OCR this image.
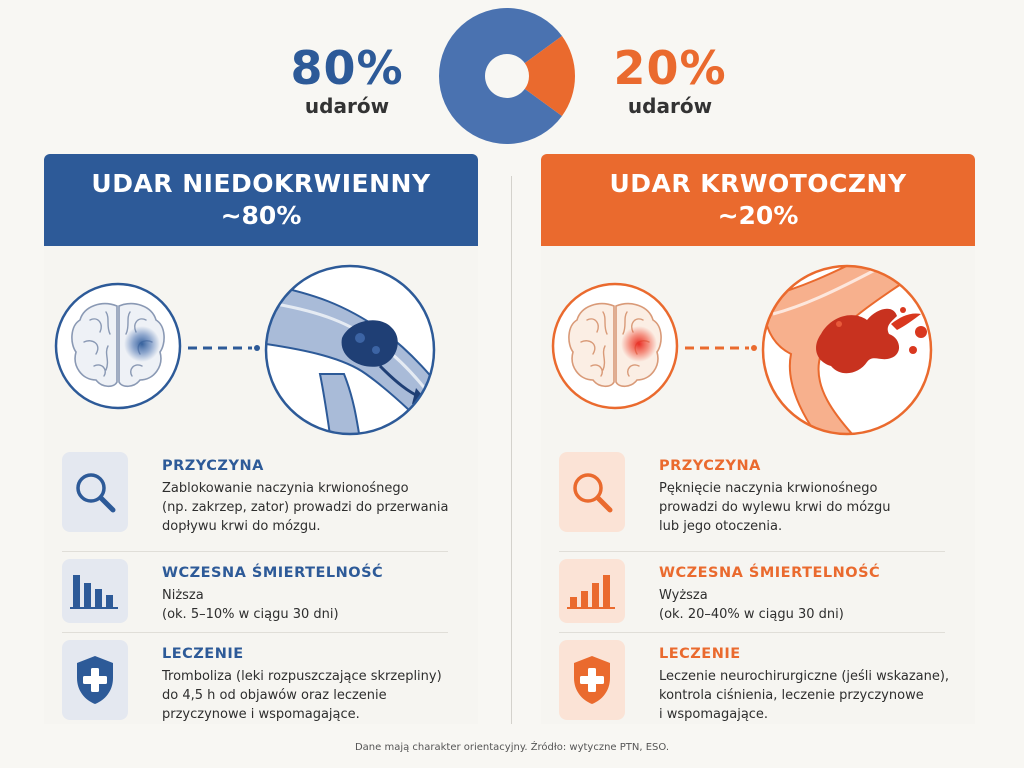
80%
udarów
20%
udarów
UDAR NIEDOKRWIENNY
~80%
PRZYCZYNA
Zablokowanie naczynia krwionośnego
(np. zakrzep, zator) prowadzi do przerwania
dopływu krwi do mózgu.
WCZESNA ŚMIERTELNOŚĆ
Niższa
(ok. 5–10% w ciągu 30 dni)
LECZENIE
Tromboliza (leki rozpuszczające skrzepliny)
do 4,5 h od objawów oraz leczenie
przyczynowe i wspomagające.
UDAR KRWOTOCZNY
~20%
PRZYCZYNA
Pęknięcie naczynia krwionośnego
prowadzi do wylewu krwi do mózgu
lub jego otoczenia.
WCZESNA ŚMIERTELNOŚĆ
Wyższa
(ok. 20–40% w ciągu 30 dni)
LECZENIE
Leczenie neurochirurgiczne (jeśli wskazane),
kontrola ciśnienia, leczenie przyczynowe
i wspomagające.
Dane mają charakter orientacyjny. Źródło: wytyczne PTN, ESO.
